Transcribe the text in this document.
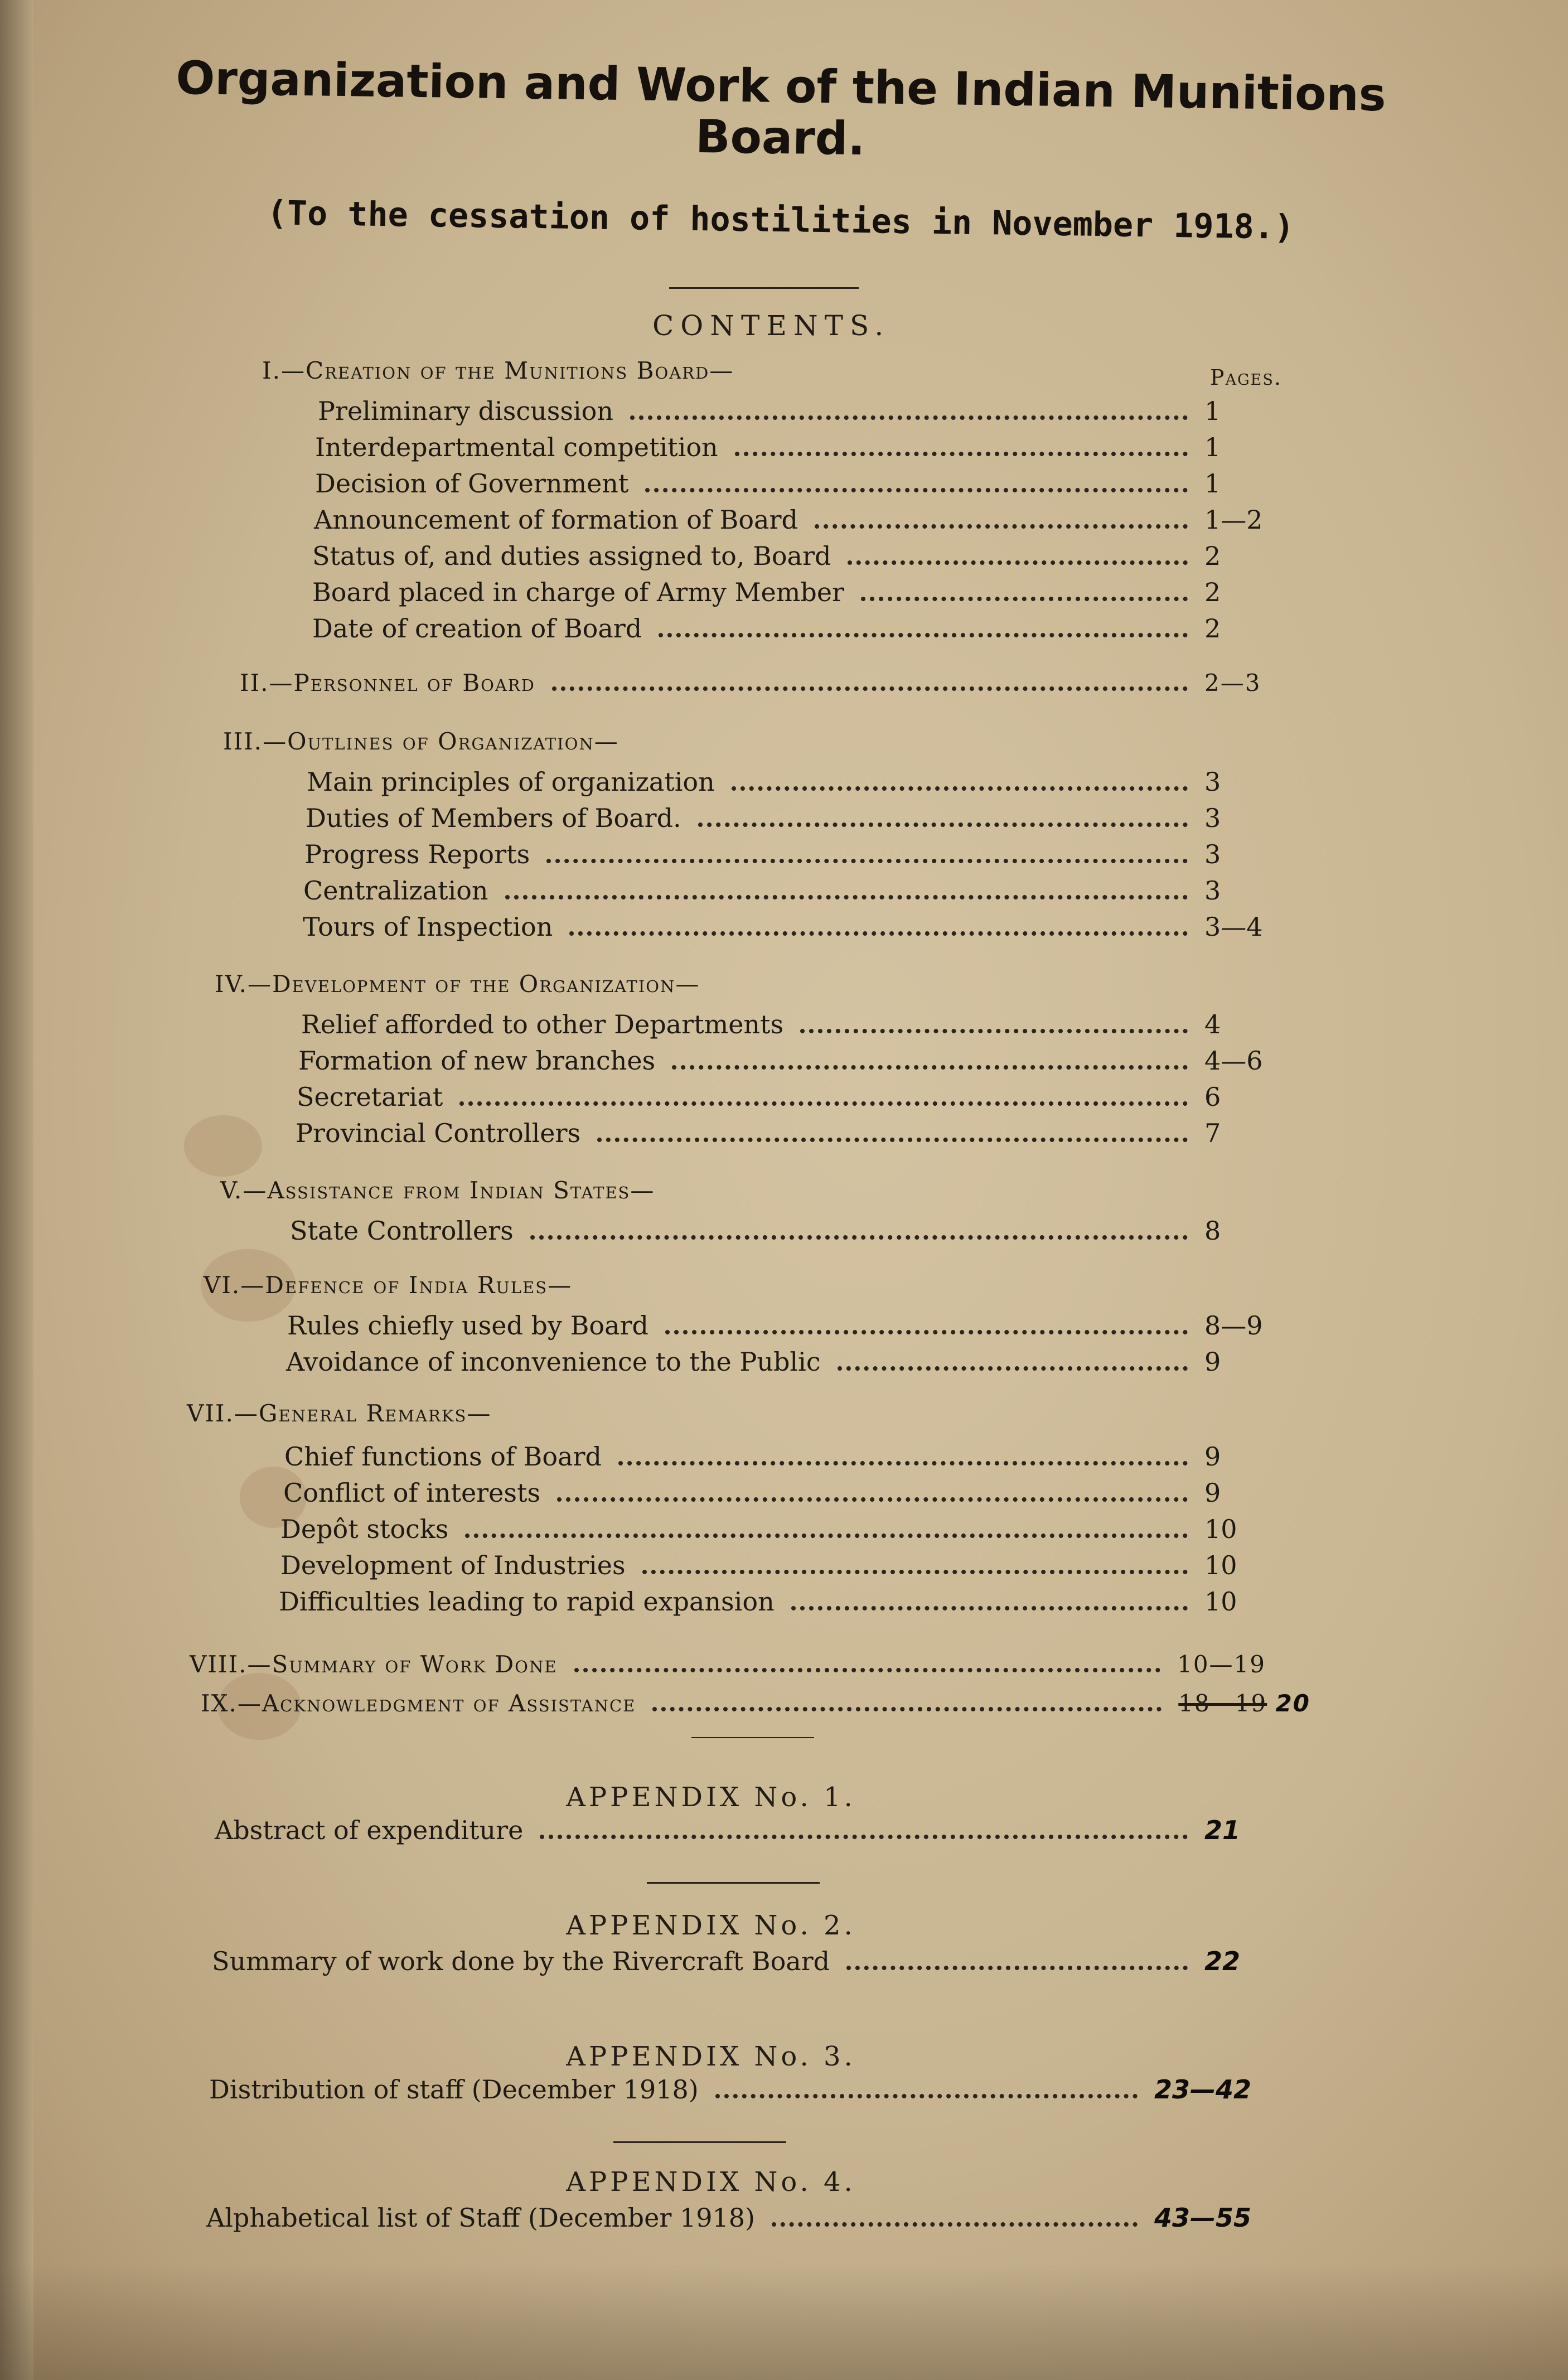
Organization and Work of the Indian Munitions Board.
(To the cessation of hostilities in November 1918.)
CONTENTS.
Pages.
I.—Creation of the Munitions Board—
Preliminary discussion	1
Interdepartmental competition	1
Decision of Government	1
Announcement of formation of Board	1—2
Status of, and duties assigned to, Board	2
Board placed in charge of Army Member	2
Date of creation of Board	2
II.—Personnel of Board	2—3
III.—Outlines of Organization—
Main principles of organization	3
Duties of Members of Board.	3
Progress Reports	3
Centralization	3
Tours of Inspection	3—4
IV.—Development of the Organization—
Relief afforded to other Departments	4
Formation of new branches	4—6
Secretariat	6
Provincial Controllers	7
V.—Assistance from Indian States—
State Controllers	8
VI.—Defence of India Rules—
Rules chiefly used by Board	8—9
Avoidance of inconvenience to the Public	9
VII.—General Remarks—
Chief functions of Board	9
Conflict of interests	9
Depôt stocks	10
Development of Industries	10
Difficulties leading to rapid expansion	10
VIII.—Summary of Work Done	10—19
IX.—Acknowledgment of Assistance	18—19 20
APPENDIX No. 1.
Abstract of expenditure	21
APPENDIX No. 2.
Summary of work done by the Rivercraft Board	22
APPENDIX No. 3.
Distribution of staff (December 1918)	23—42
APPENDIX No. 4.
Alphabetical list of Staff (December 1918)	43—55
